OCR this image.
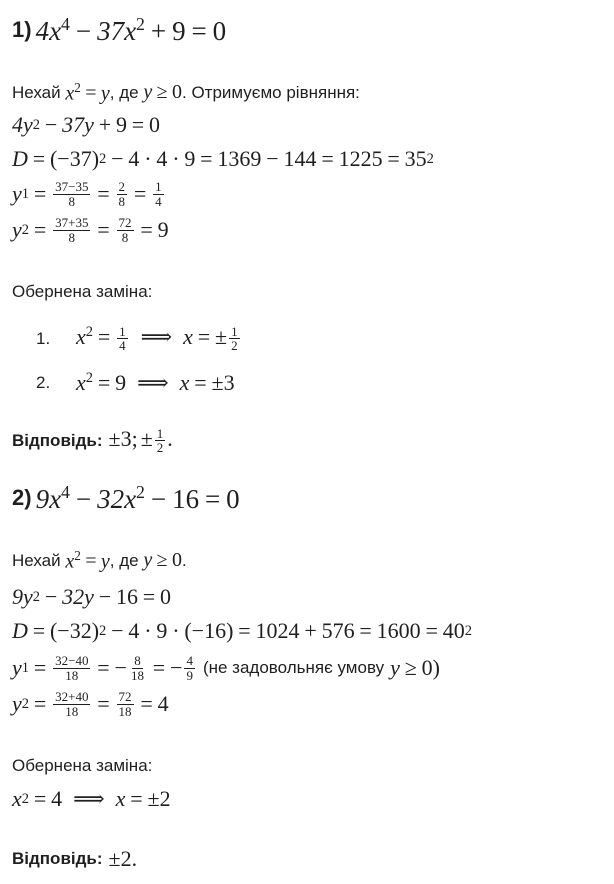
1) $4x^4 - 37x^2 + 9 = 0$
Нехай
$x^2 = y$ , де
y ≥ 0 . Отримуємо рівняння:
4y 2 − 37y + 9 = 0
D = (−37) 2 − 4 · 4 · 9 = 1369 − 144 = 1225 = 35 2
y $1 = \frac{37-35}{8} = \frac{2}{8} = \frac{1}{4}$
y $2 = \frac{37+35}{8} = \frac{72}{8} = 9$
Обернена заміна:
1.	$x^2 = \frac{1}{4}$ ⟹ x = ± $\frac{1}{2}$
2.	$x^2 = 9$ ⟹ x = ±3
Відповідь: ±3; ± $\frac{1}{2}$ .
2) $9x^4 - 32x^2 - 16 = 0$
Нехай
$x^2 = y$ , де
y ≥ 0 .
9y 2 − 32y − 16 = 0
D = (−32) 2 − 4 · 9 · (−16) = 1024 + 576 = 1600 = 40 2
y $1 = \frac{32-40}{18}$ = − $\frac{8}{18}$ = − $\frac{4}{9} (не$ задовольняє умову y ≥ 0)
y $2 = \frac{32+40}{18} = \frac{72}{18} = 4$
Обернена заміна:
x 2 = 4 ⟹ x = ±2
Відповідь: ±2.
